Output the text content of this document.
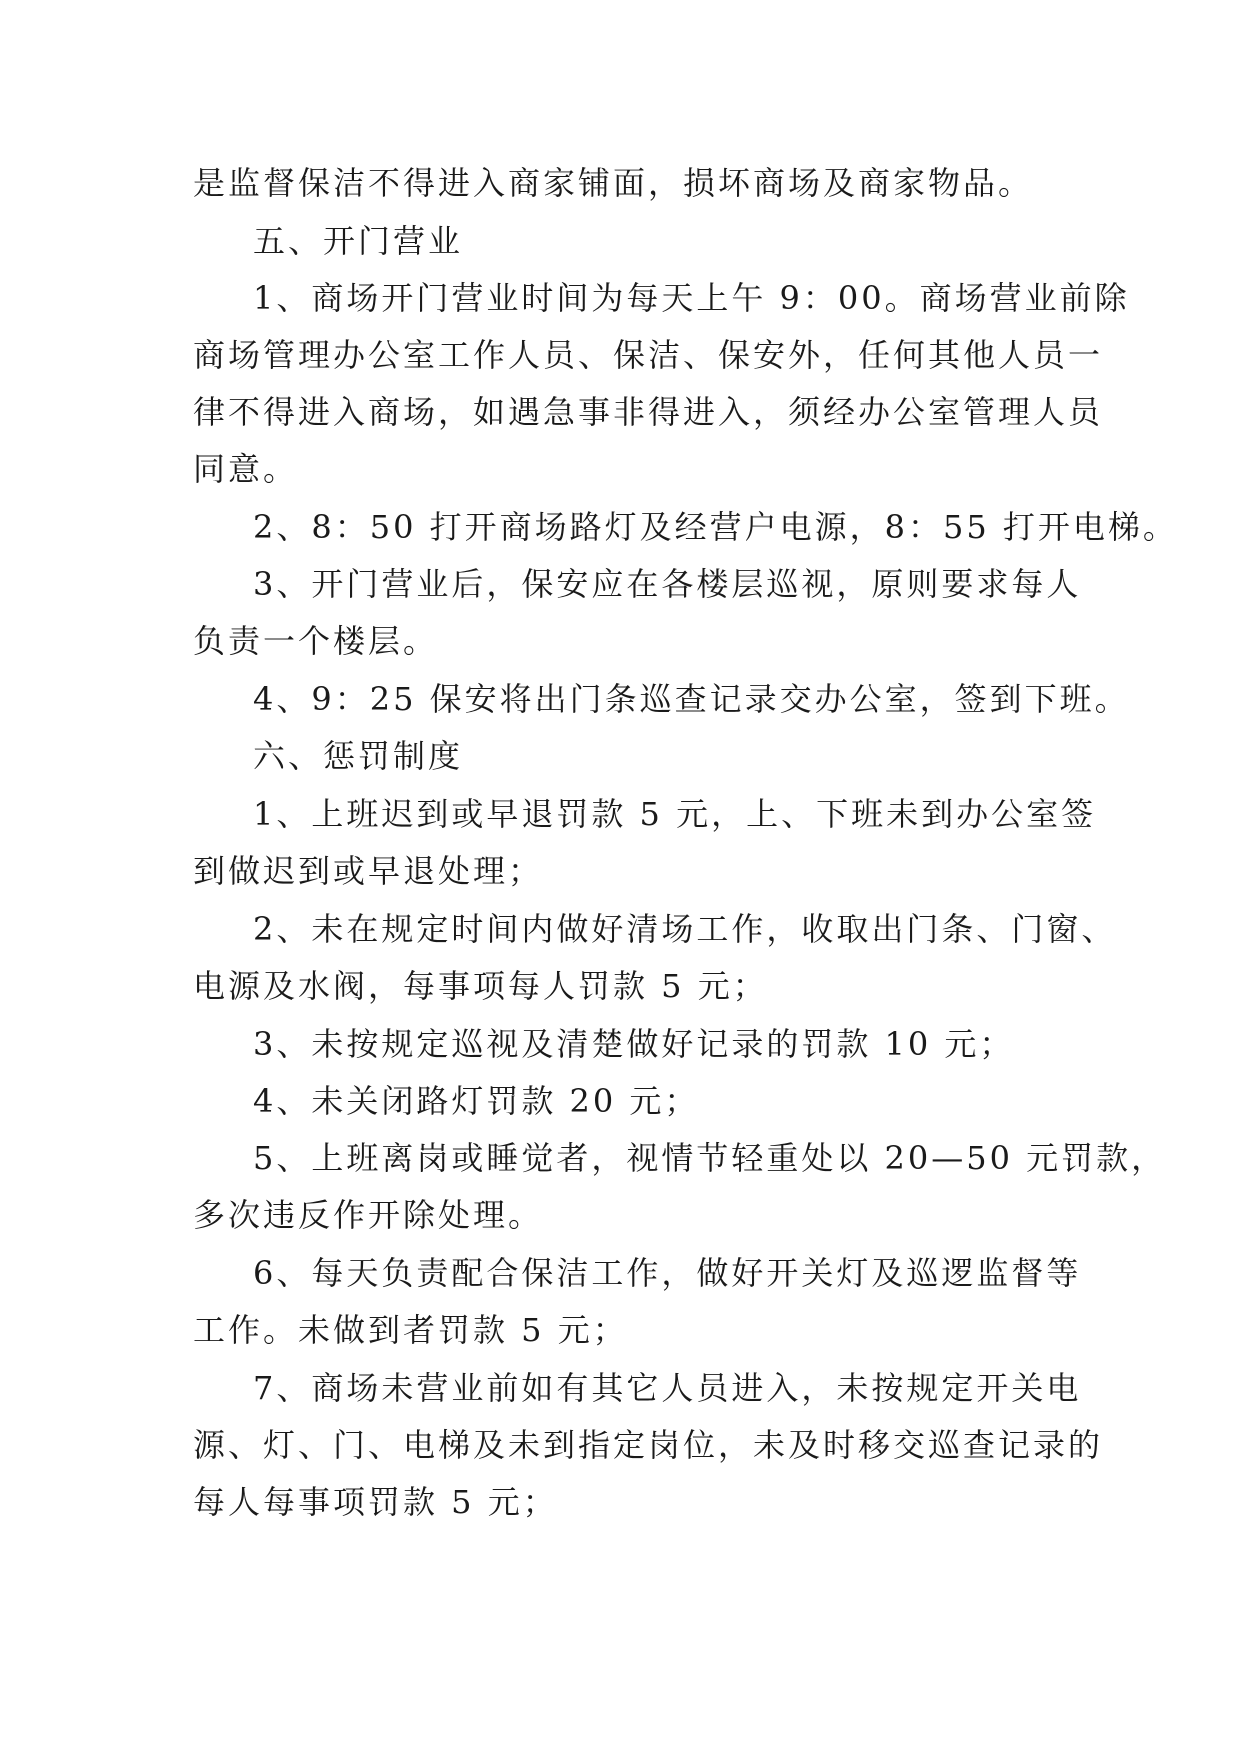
是监督保洁不得进入商家铺面，损坏商场及商家物品。
五、开门营业
1、商场开门营业时间为每天上午 9：00。商场营业前除
商场管理办公室工作人员、保洁、保安外，任何其他人员一
律不得进入商场，如遇急事非得进入，须经办公室管理人员
同意。
2、8：50 打开商场路灯及经营户电源，8：55 打开电梯。
3、开门营业后，保安应在各楼层巡视，原则要求每人
负责一个楼层。
4、9：25 保安将出门条巡查记录交办公室，签到下班。
六、惩罚制度
1、上班迟到或早退罚款 5 元，上、下班未到办公室签
到做迟到或早退处理；
2、未在规定时间内做好清场工作，收取出门条、门窗、
电源及水阀，每事项每人罚款 5 元；
3、未按规定巡视及清楚做好记录的罚款 10 元；
4、未关闭路灯罚款 20 元；
5、上班离岗或睡觉者，视情节轻重处以 20—50 元罚款，
多次违反作开除处理。
6、每天负责配合保洁工作，做好开关灯及巡逻监督等
工作。未做到者罚款 5 元；
7、商场未营业前如有其它人员进入，未按规定开关电
源、灯、门、电梯及未到指定岗位，未及时移交巡查记录的
每人每事项罚款 5 元；
